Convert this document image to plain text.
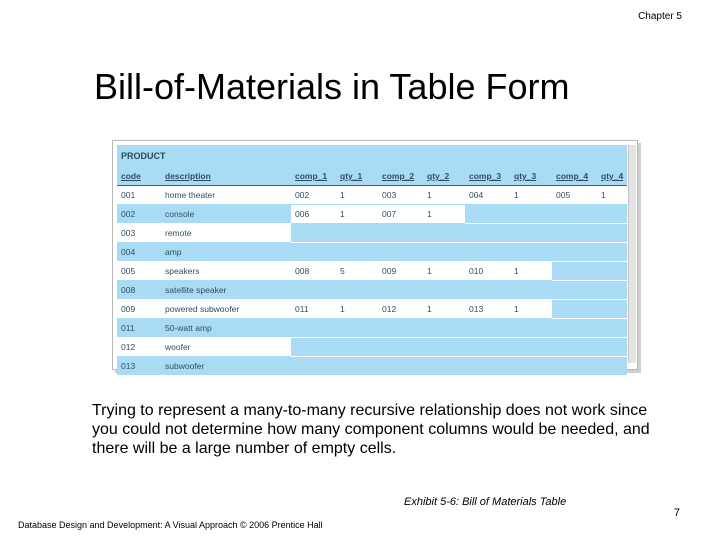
Chapter 5
Bill-of-Materials in Table Form
PRODUCT
code	description	comp_1	qty_1	comp_2	qty_2	comp_3	qty_3	comp_4	qty_4
001	home theater	002	1	003	1	004	1	005	1
002	console	006	1	007	1				
003	remote								
004	amp								
005	speakers	008	5	009	1	010	1		
008	satellite speaker								
009	powered subwoofer	011	1	012	1	013	1		
011	50-watt amp								
012	woofer								
013	subwoofer								

Trying to represent a many-to-many recursive relationship does not work since you could not determine how many component columns would be needed, and there will be a large number of empty cells.

Exhibit 5-6: Bill of Materials Table
Database Design and Development: A Visual Approach © 2006 Prentice Hall
7
